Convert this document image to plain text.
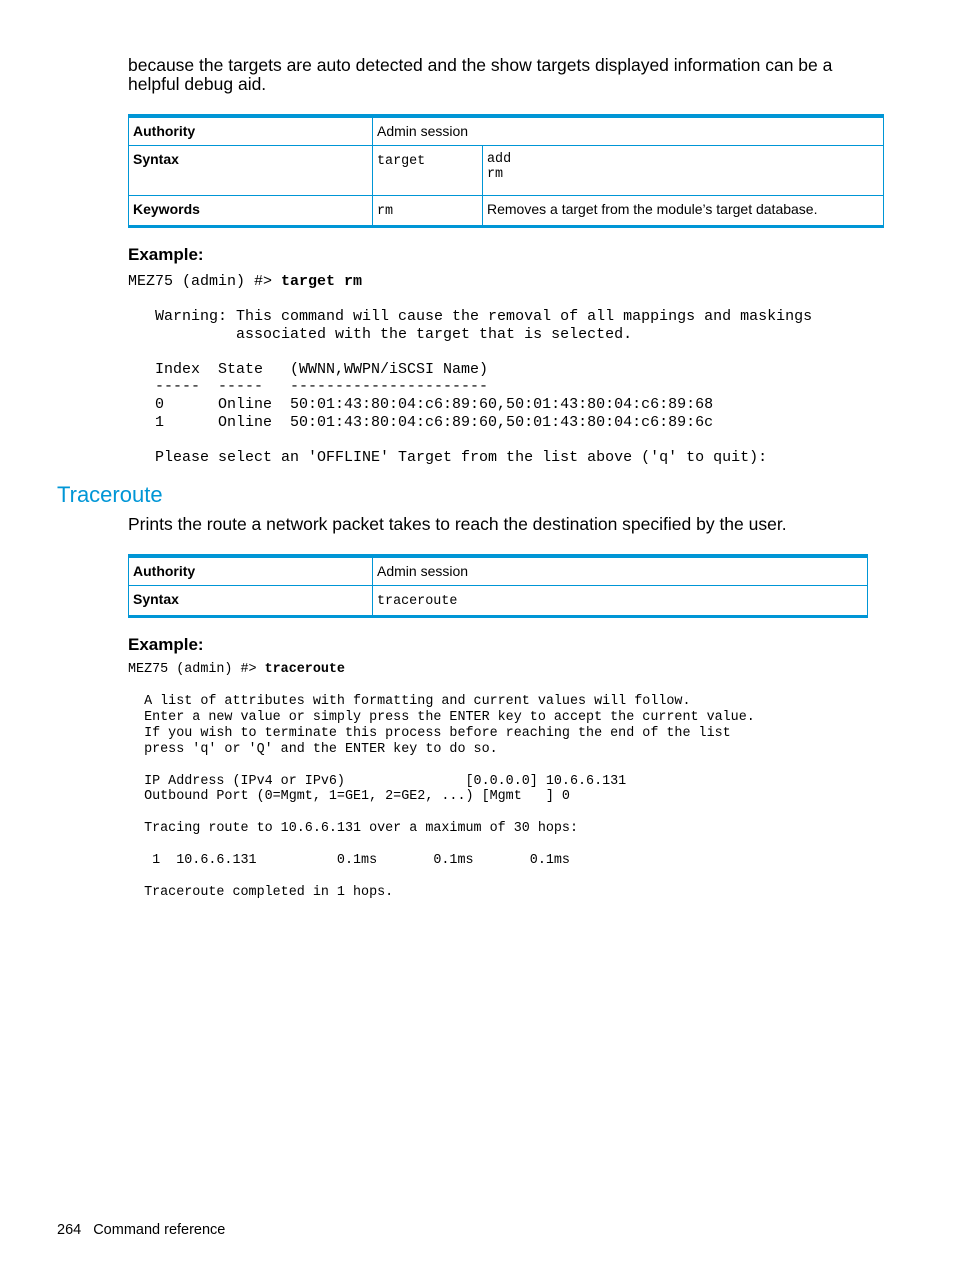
because the targets are auto detected and the show targets displayed information can be a helpful debug aid.
Authority	Admin session	
Syntax	target	add
rm

Keywords	rm	Removes a target from the module’s target database.
Example:
MEZ75 (admin) #> target rm
Warning: This command will cause the removal of all mappings and maskings
associated with the target that is selected.

Index  State   (WWNN,WWPN/iSCSI Name)
-----  -----   ----------------------
0      Online  50:01:43:80:04:c6:89:60,50:01:43:80:04:c6:89:68
1      Online  50:01:43:80:04:c6:89:60,50:01:43:80:04:c6:89:6c

Please select an 'OFFLINE' Target from the list above ('q' to quit):
Traceroute
Prints the route a network packet takes to reach the destination specified by the user.
Authority	Admin session
Syntax	traceroute
Example:
MEZ75 (admin) #> traceroute
A list of attributes with formatting and current values will follow.
Enter a new value or simply press the ENTER key to accept the current value.
If you wish to terminate this process before reaching the end of the list
press 'q' or 'Q' and the ENTER key to do so.

IP Address (IPv4 or IPv6)               [0.0.0.0] 10.6.6.131
Outbound Port (0=Mgmt, 1=GE1, 2=GE2, ...) [Mgmt   ] 0

Tracing route to 10.6.6.131 over a maximum of 30 hops:

1  10.6.6.131          0.1ms       0.1ms       0.1ms

Traceroute completed in 1 hops.
264 Command reference
